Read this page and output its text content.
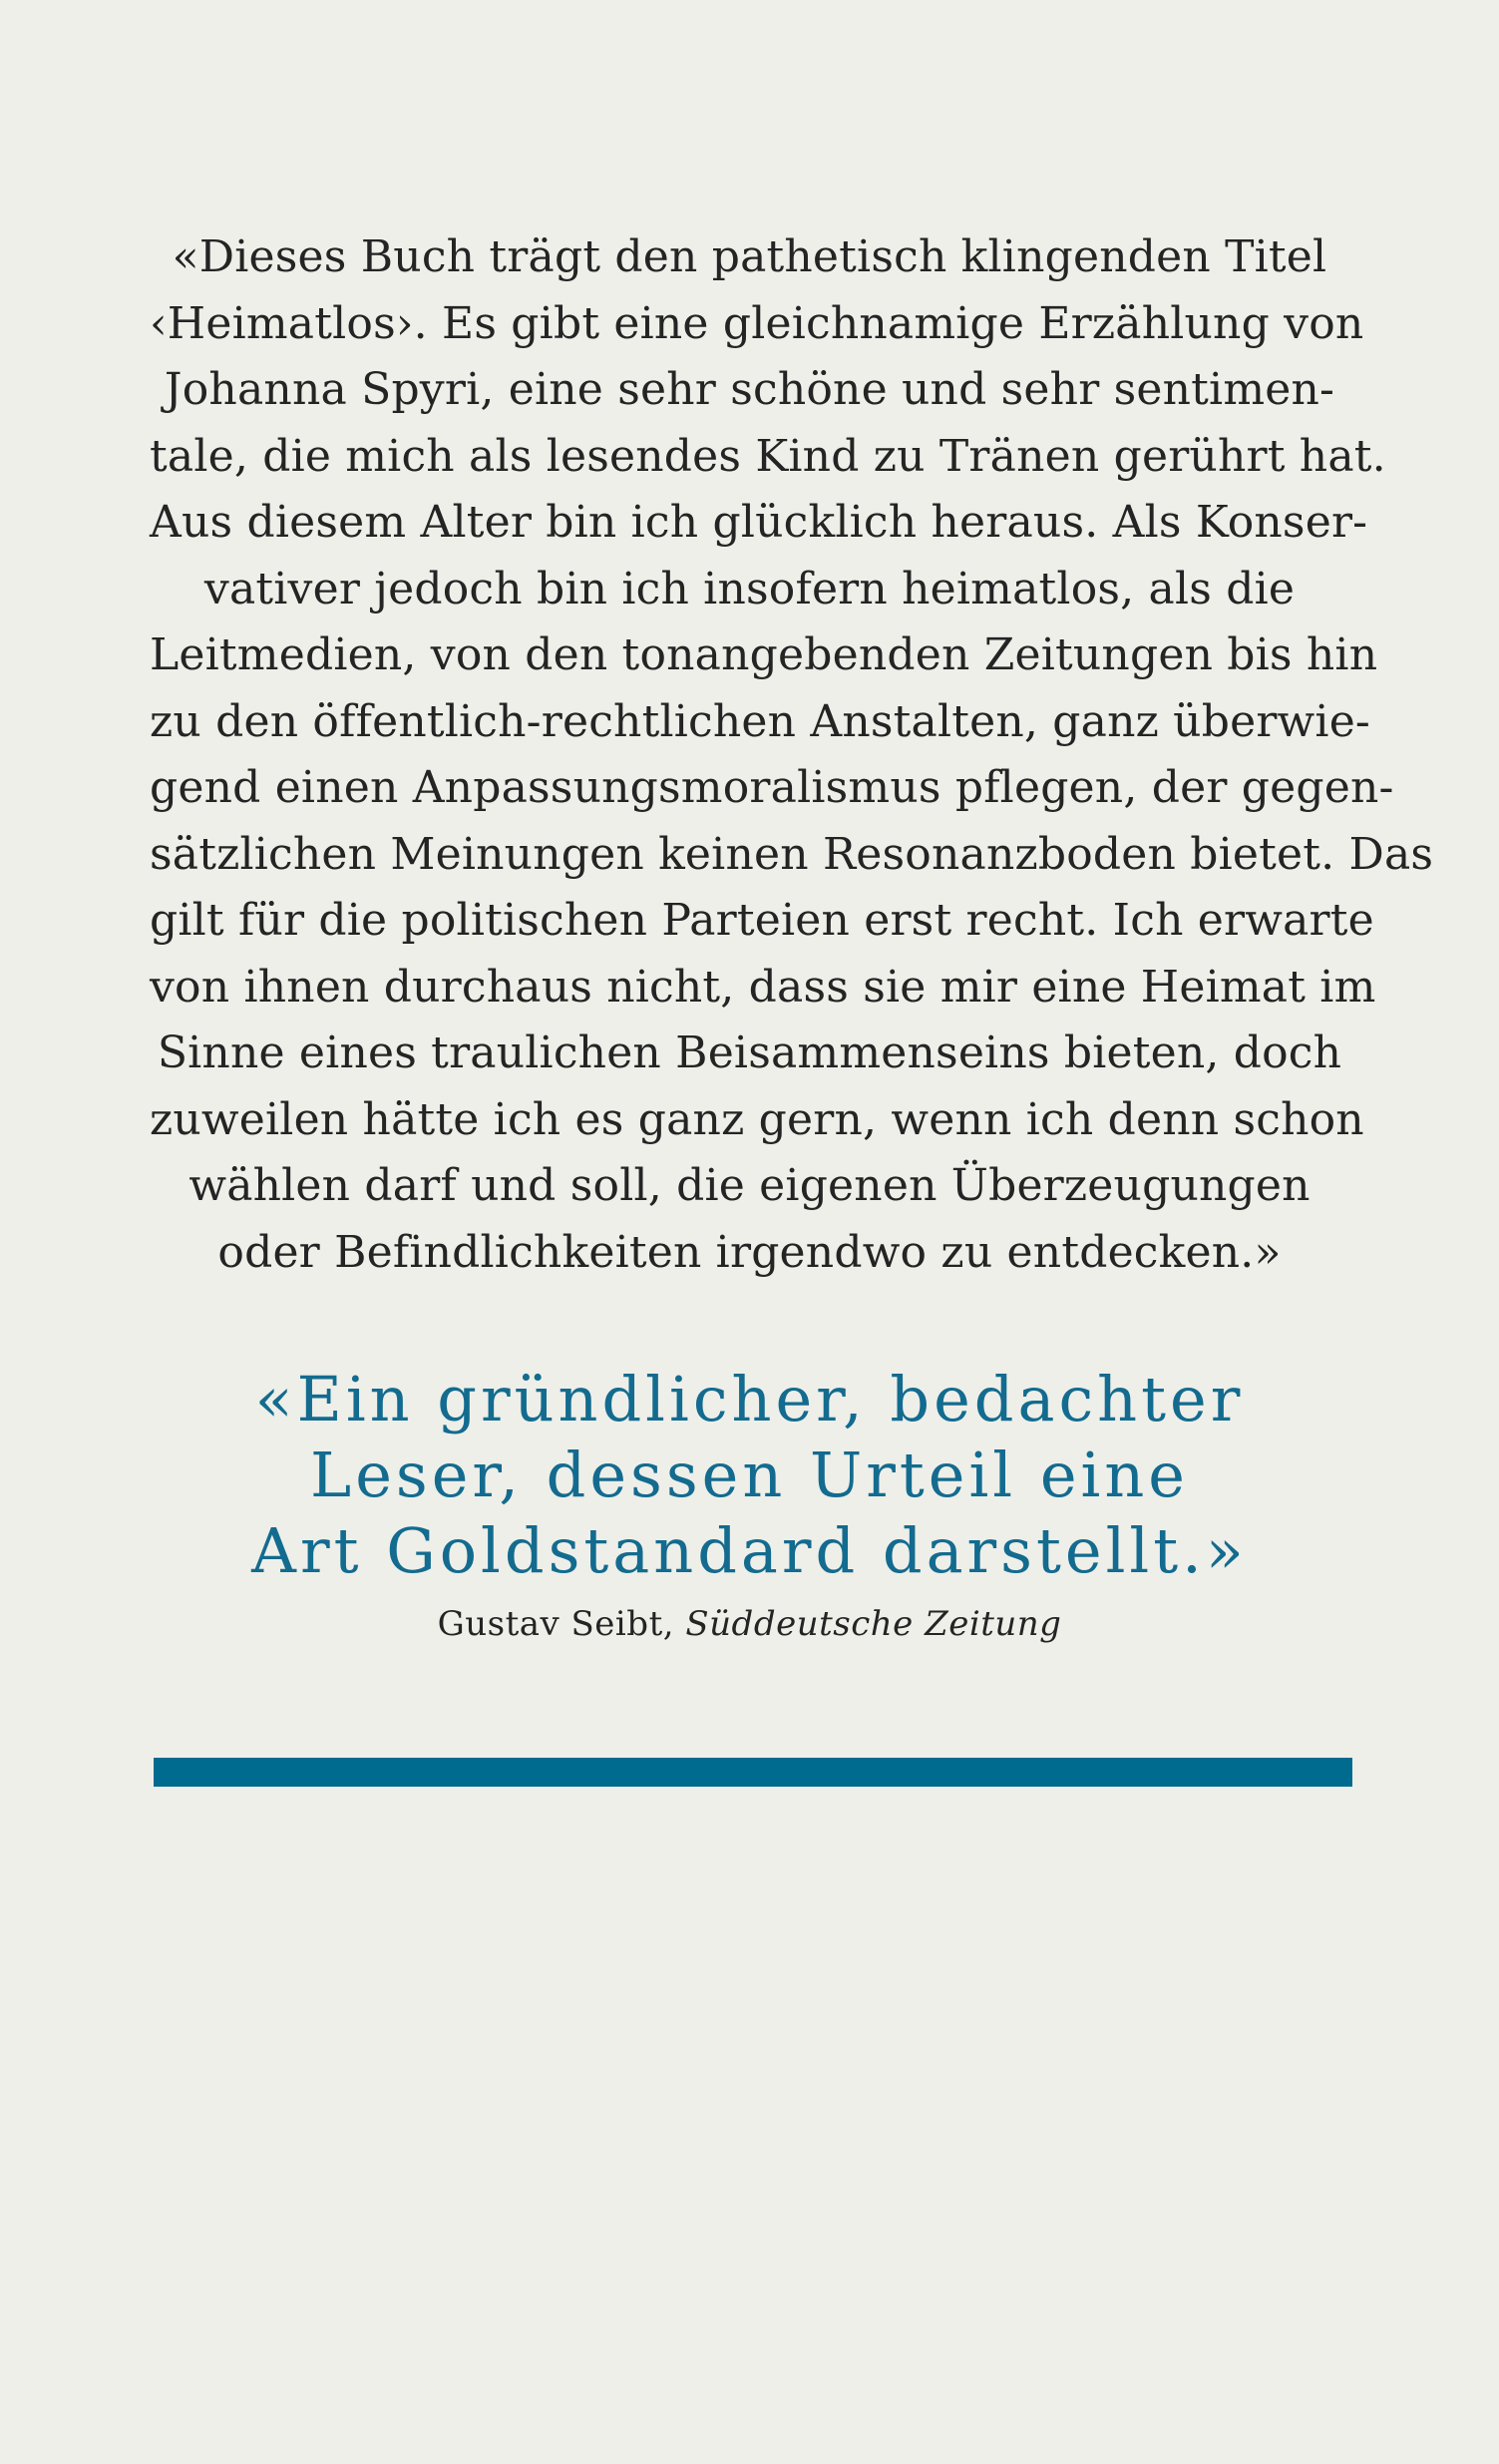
«Dieses Buch trägt den pathetisch klingenden Titel
‹Heimatlos›. Es gibt eine gleichnamige Erzählung von
Johanna Spyri, eine sehr schöne und sehr sentimen-
tale, die mich als lesendes Kind zu Tränen gerührt hat.
Aus diesem Alter bin ich glücklich heraus. Als Konser-
vativer jedoch bin ich insofern heimatlos, als die
Leitmedien, von den tonangebenden Zeitungen bis hin
zu den öffentlich-rechtlichen Anstalten, ganz überwie-
gend einen Anpassungsmoralismus pflegen, der gegen-
sätzlichen Meinungen keinen Resonanzboden bietet. Das
gilt für die politischen Parteien erst recht. Ich erwarte
von ihnen durchaus nicht, dass sie mir eine Heimat im
Sinne eines traulichen Beisammenseins bieten, doch
zuweilen hätte ich es ganz gern, wenn ich denn schon
wählen darf und soll, die eigenen Überzeugungen
oder Befindlichkeiten irgendwo zu entdecken.»
«Ein gründlicher, bedachter
Leser, dessen Urteil eine
Art Goldstandard darstellt.»
Gustav Seibt, Süddeutsche Zeitung
